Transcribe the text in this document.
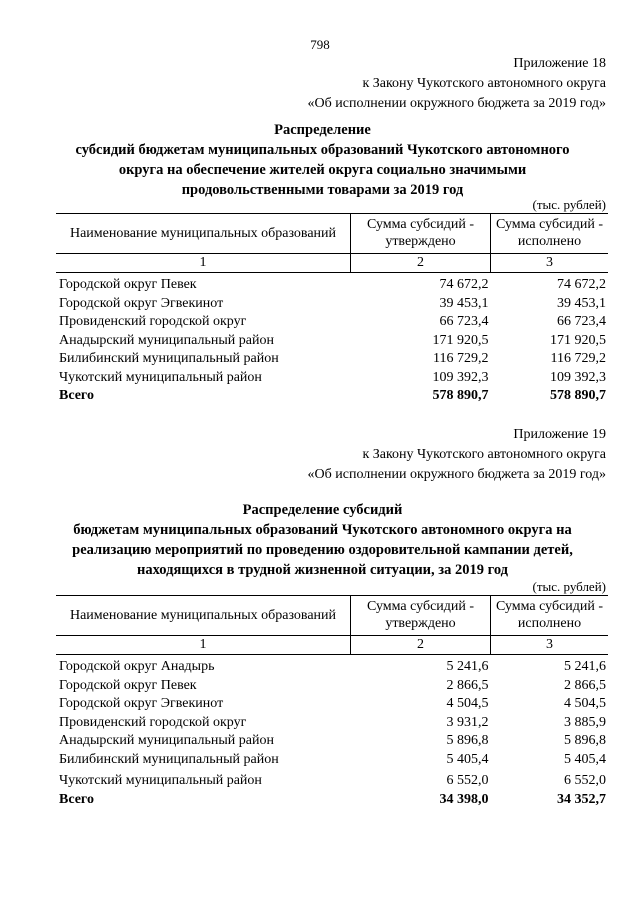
798
Приложение 18
к Закону Чукотского автономного округа
«Об исполнении окружного бюджета за 2019 год»
Распределение
субсидий бюджетам муниципальных образований Чукотского автономного
округа на обеспечение жителей округа социально значимыми
продовольственными товарами за 2019 год
(тыс. рублей)
Наименование муниципальных образований	Сумма субсидий - утверждено	Сумма субсидий - исполнено
1	2	3
Городской округ Певек	74 672,2	74 672,2
Городской округ Эгвекинот	39 453,1	39 453,1
Провиденский городской округ	66 723,4	66 723,4
Анадырский муниципальный район	171 920,5	171 920,5
Билибинский муниципальный район	116 729,2	116 729,2
Чукотский муниципальный район	109 392,3	109 392,3
Всего	578 890,7	578 890,7
Приложение 19
к Закону Чукотского автономного округа
«Об исполнении окружного бюджета за 2019 год»
Распределение субсидий
бюджетам муниципальных образований Чукотского автономного округа на
реализацию мероприятий по проведению оздоровительной кампании детей,
находящихся в трудной жизненной ситуации, за 2019 год
(тыс. рублей)
Наименование муниципальных образований	Сумма субсидий - утверждено	Сумма субсидий - исполнено
1	2	3
Городской округ Анадырь	5 241,6	5 241,6
Городской округ Певек	2 866,5	2 866,5
Городской округ Эгвекинот	4 504,5	4 504,5
Провиденский городской округ	3 931,2	3 885,9
Анадырский муниципальный район	5 896,8	5 896,8
Билибинский муниципальный район	5 405,4	5 405,4
Чукотский муниципальный район	6 552,0	6 552,0
Всего	34 398,0	34 352,7
